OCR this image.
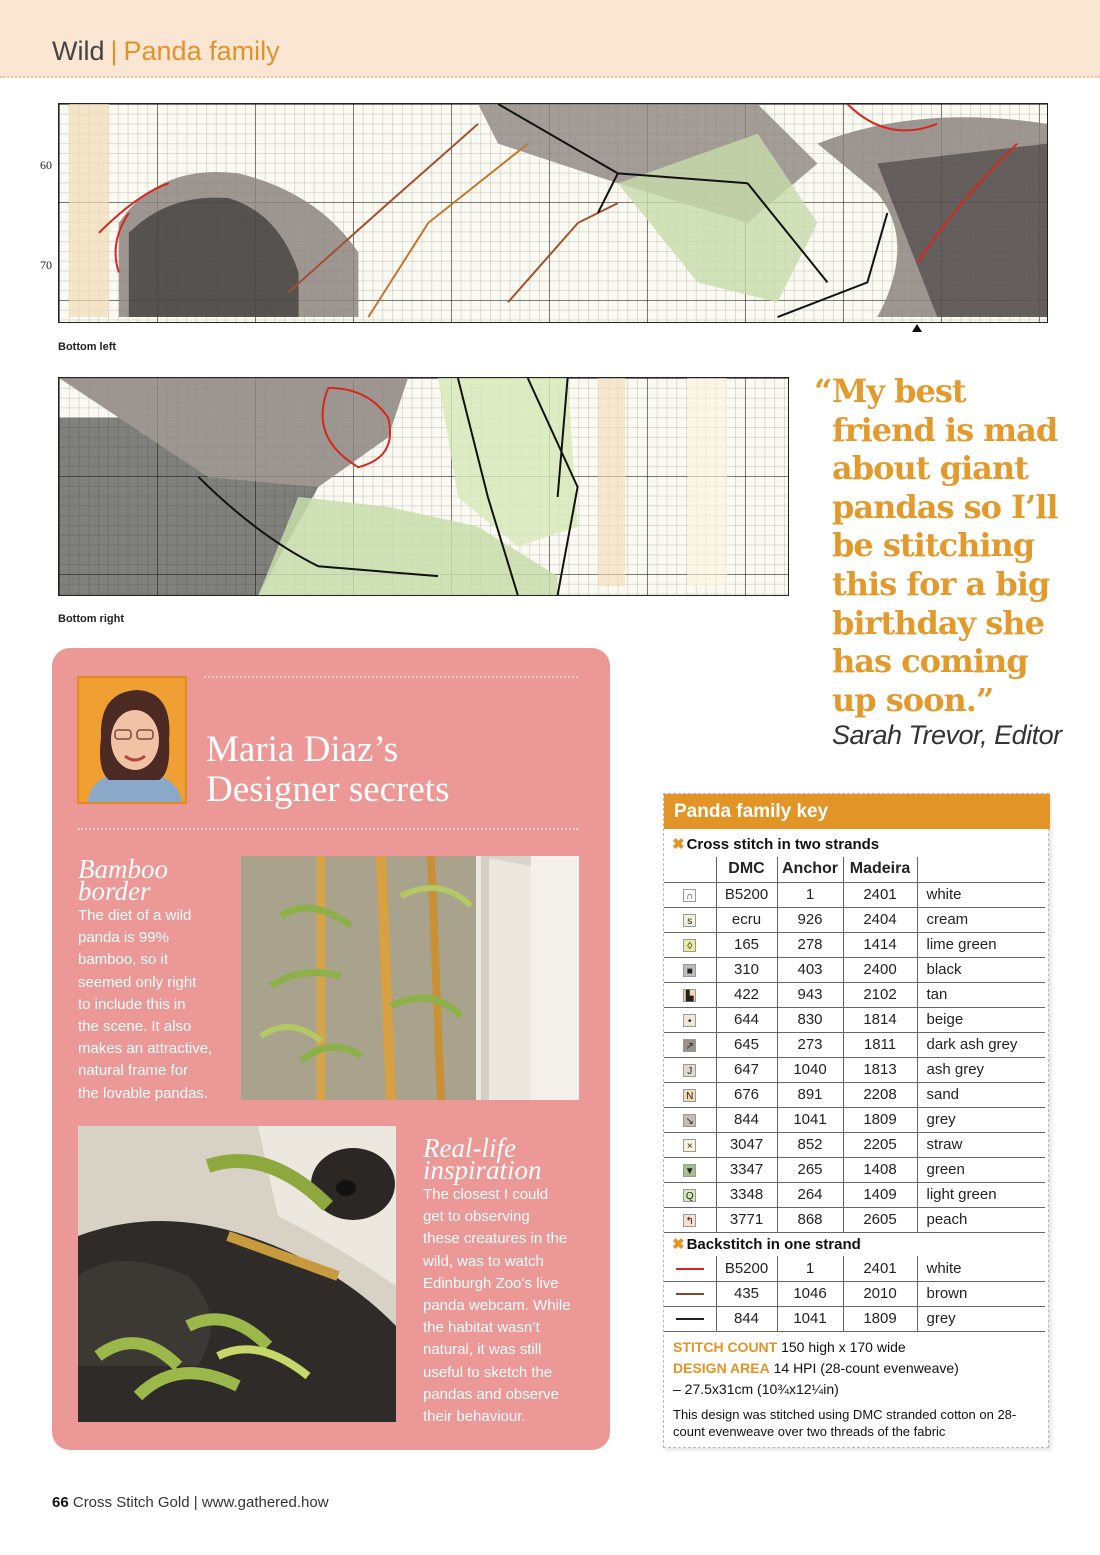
Wild | Panda family
60
70
Bottom left
Bottom right
“ My best

friend is mad

about giant

pandas so I’ll

be stitching

this for a big

birthday she

has coming

up soon.”

Sarah Trevor, Editor
Maria Diaz’s
Designer secrets
Bamboo
border
The diet of a wild
panda is 99%
bamboo, so it
seemed only right
to include this in
the scene. It also
makes an attractive,
natural frame for
the lovable pandas.
Real-life
inspiration
The closest I could
get to observing
these creatures in the
wild, was to watch
Edinburgh Zoo’s live
panda webcam. While
the habitat wasn’t
natural, it was still
useful to sketch the
pandas and observe
their behaviour.
Panda family key
✖ Cross stitch in two strands
	DMC	Anchor	Madeira	
∩	B5200	1	2401	white
s	ecru	926	2404	cream
◊	165	278	1414	lime green
■	310	403	2400	black
▙	422	943	2102	tan
•	644	830	1814	beige
↗	645	273	1811	dark ash grey
J	647	1040	1813	ash grey
N	676	891	2208	sand
↘	844	1041	1809	grey
×	3047	852	2205	straw
▼	3347	265	1408	green
Q	3348	264	1409	light green
↰	3771	868	2605	peach
✖ Backstitch in one strand
	B5200	1	2401	white
	435	1046	2010	brown
	844	1041	1809	grey
STITCH COUNT 150 high x 170 wide
DESIGN AREA 14 HPI (28-count evenweave)
– 27.5x31cm (10¾x12¼in)
This design was stitched using DMC stranded cotton on 28-count evenweave over two threads of the fabric
66 Cross Stitch Gold | www.gathered.how
